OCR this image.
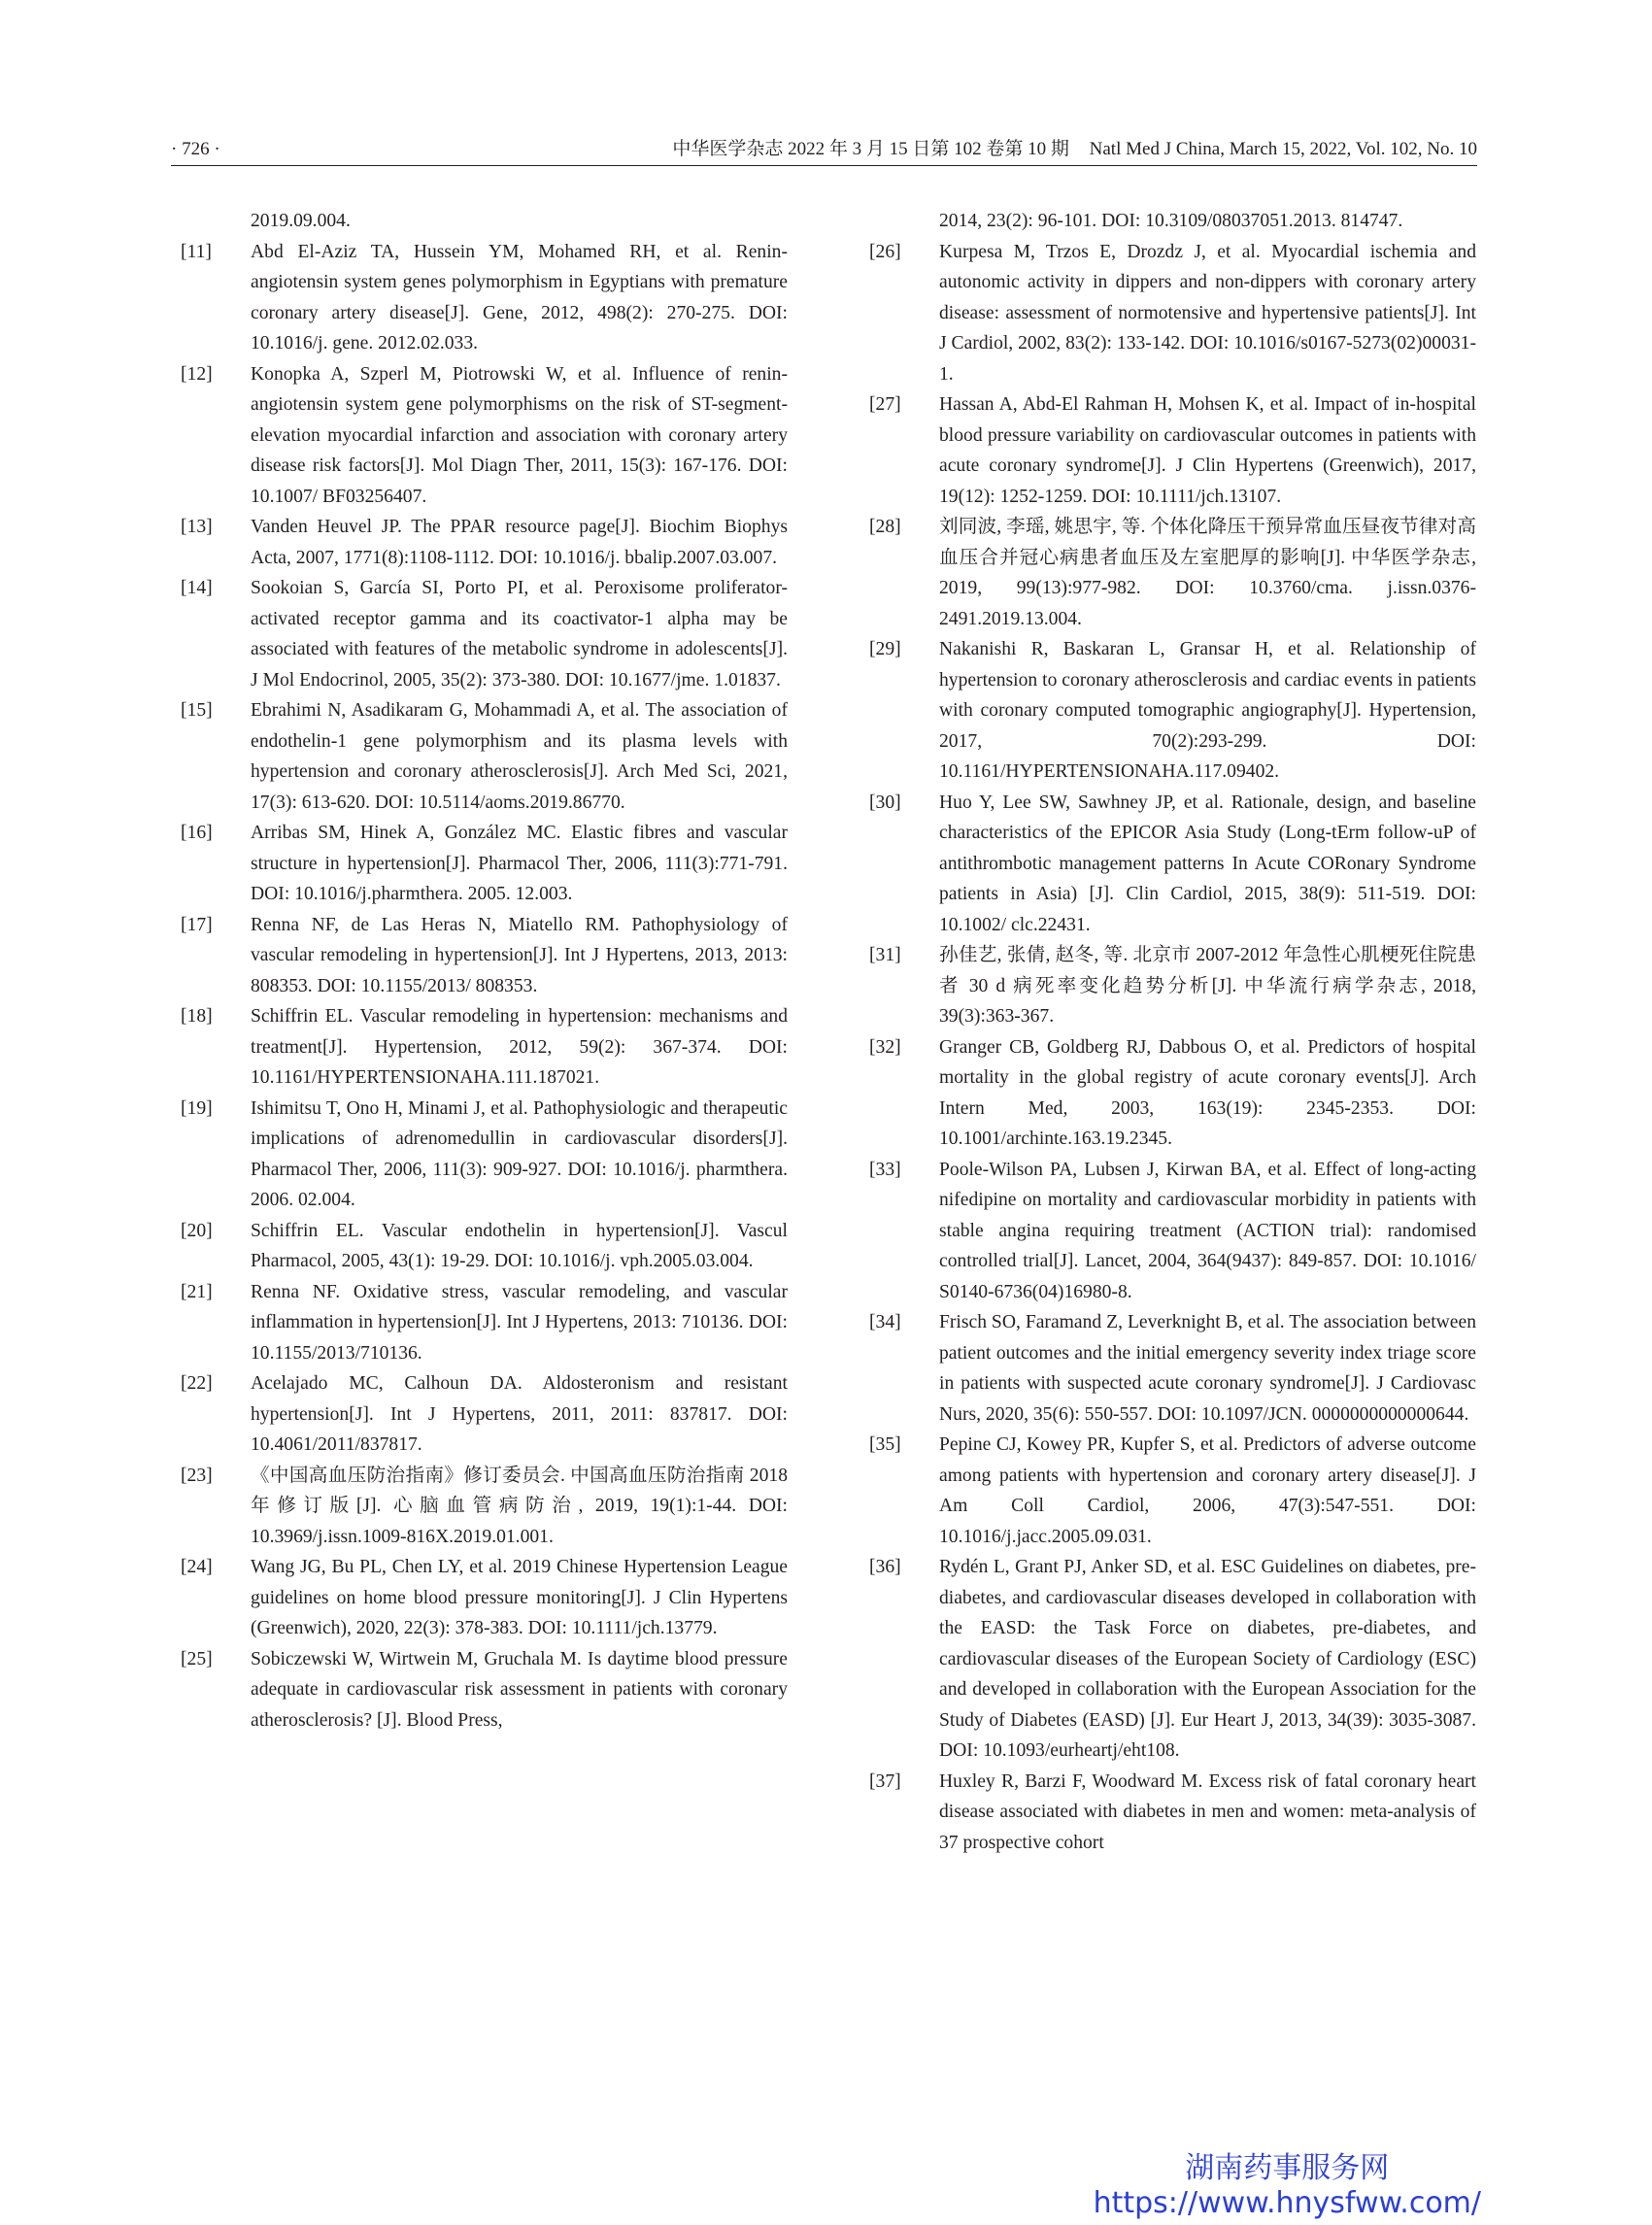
· 726 ·	中华医学杂志 2022 年 3 月 15 日第 102 卷第 10 期 Natl Med J China, March 15, 2022, Vol. 102, No. 10
2019.09.004.
[11]	Abd El-Aziz TA, Hussein YM, Mohamed RH, et al. Renin-angiotensin system genes polymorphism in Egyptians with premature coronary artery disease[J]. Gene, 2012, 498(2): 270-275. DOI: 10.1016/j. gene. 2012.02.033.
[12]	Konopka A, Szperl M, Piotrowski W, et al. Influence of renin-angiotensin system gene polymorphisms on the risk of ST-segment-elevation myocardial infarction and association with coronary artery disease risk factors[J]. Mol Diagn Ther, 2011, 15(3): 167-176. DOI: 10.1007/ BF03256407.
[13]	Vanden Heuvel JP. The PPAR resource page[J]. Biochim Biophys Acta, 2007, 1771(8):1108-1112. DOI: 10.1016/j. bbalip.2007.03.007.
[14]	Sookoian S, García SI, Porto PI, et al. Peroxisome proliferator-activated receptor gamma and its coactivator-1 alpha may be associated with features of the metabolic syndrome in adolescents[J]. J Mol Endocrinol, 2005, 35(2): 373-380. DOI: 10.1677/jme. 1.01837.
[15]	Ebrahimi N, Asadikaram G, Mohammadi A, et al. The association of endothelin-1 gene polymorphism and its plasma levels with hypertension and coronary atherosclerosis[J]. Arch Med Sci, 2021, 17(3): 613-620. DOI: 10.5114/aoms.2019.86770.
[16]	Arribas SM, Hinek A, González MC. Elastic fibres and vascular structure in hypertension[J]. Pharmacol Ther, 2006, 111(3):771-791. DOI: 10.1016/j.pharmthera. 2005. 12.003.
[17]	Renna NF, de Las Heras N, Miatello RM. Pathophysiology of vascular remodeling in hypertension[J]. Int J Hypertens, 2013, 2013: 808353. DOI: 10.1155/2013/ 808353.
[18]	Schiffrin EL. Vascular remodeling in hypertension: mechanisms and treatment[J]. Hypertension, 2012, 59(2): 367-374. DOI: 10.1161/HYPERTENSIONAHA.111.187021.
[19]	Ishimitsu T, Ono H, Minami J, et al. Pathophysiologic and therapeutic implications of adrenomedullin in cardiovascular disorders[J]. Pharmacol Ther, 2006, 111(3): 909-927. DOI: 10.1016/j. pharmthera. 2006. 02.004.
[20]	Schiffrin EL. Vascular endothelin in hypertension[J]. Vascul Pharmacol, 2005, 43(1): 19-29. DOI: 10.1016/j. vph.2005.03.004.
[21]	Renna NF. Oxidative stress, vascular remodeling, and vascular inflammation in hypertension[J]. Int J Hypertens, 2013: 710136. DOI: 10.1155/2013/710136.
[22]	Acelajado MC, Calhoun DA. Aldosteronism and resistant hypertension[J]. Int J Hypertens, 2011, 2011: 837817. DOI: 10.4061/2011/837817.
[23]	《中国高血压防治指南》修订委员会. 中国高血压防治指南 2018 年修订版[J]. 心脑血管病防治, 2019, 19(1):1-44. DOI: 10.3969/j.issn.1009-816X.2019.01.001.
[24]	Wang JG, Bu PL, Chen LY, et al. 2019 Chinese Hypertension League guidelines on home blood pressure monitoring[J]. J Clin Hypertens (Greenwich), 2020, 22(3): 378-383. DOI: 10.1111/jch.13779.
[25]	Sobiczewski W, Wirtwein M, Gruchala M. Is daytime blood pressure adequate in cardiovascular risk assessment in patients with coronary atherosclerosis? [J]. Blood Press,
2014, 23(2): 96-101. DOI: 10.3109/08037051.2013. 814747.
[26]	Kurpesa M, Trzos E, Drozdz J, et al. Myocardial ischemia and autonomic activity in dippers and non-dippers with coronary artery disease: assessment of normotensive and hypertensive patients[J]. Int J Cardiol, 2002, 83(2): 133-142. DOI: 10.1016/s0167-5273(02)00031-1.
[27]	Hassan A, Abd-El Rahman H, Mohsen K, et al. Impact of in-hospital blood pressure variability on cardiovascular outcomes in patients with acute coronary syndrome[J]. J Clin Hypertens (Greenwich), 2017, 19(12): 1252-1259. DOI: 10.1111/jch.13107.
[28]	刘同波, 李瑶, 姚思宇, 等. 个体化降压干预异常血压昼夜节律对高血压合并冠心病患者血压及左室肥厚的影响[J]. 中华医学杂志, 2019, 99(13):977-982. DOI: 10.3760/cma. j.issn.0376-2491.2019.13.004.
[29]	Nakanishi R, Baskaran L, Gransar H, et al. Relationship of hypertension to coronary atherosclerosis and cardiac events in patients with coronary computed tomographic angiography[J]. Hypertension, 2017, 70(2):293-299. DOI: 10.1161/HYPERTENSIONAHA.117.09402.
[30]	Huo Y, Lee SW, Sawhney JP, et al. Rationale, design, and baseline characteristics of the EPICOR Asia Study (Long-tErm follow-uP of antithrombotic management patterns In Acute CORonary Syndrome patients in Asia) [J]. Clin Cardiol, 2015, 38(9): 511-519. DOI: 10.1002/ clc.22431.
[31]	孙佳艺, 张倩, 赵冬, 等. 北京市 2007-2012 年急性心肌梗死住院患者 30 d 病死率变化趋势分析[J]. 中华流行病学杂志, 2018, 39(3):363-367.
[32]	Granger CB, Goldberg RJ, Dabbous O, et al. Predictors of hospital mortality in the global registry of acute coronary events[J]. Arch Intern Med, 2003, 163(19): 2345-2353. DOI: 10.1001/archinte.163.19.2345.
[33]	Poole-Wilson PA, Lubsen J, Kirwan BA, et al. Effect of long-acting nifedipine on mortality and cardiovascular morbidity in patients with stable angina requiring treatment (ACTION trial): randomised controlled trial[J]. Lancet, 2004, 364(9437): 849-857. DOI: 10.1016/ S0140-6736(04)16980-8.
[34]	Frisch SO, Faramand Z, Leverknight B, et al. The association between patient outcomes and the initial emergency severity index triage score in patients with suspected acute coronary syndrome[J]. J Cardiovasc Nurs, 2020, 35(6): 550-557. DOI: 10.1097/JCN. 0000000000000644.
[35]	Pepine CJ, Kowey PR, Kupfer S, et al. Predictors of adverse outcome among patients with hypertension and coronary artery disease[J]. J Am Coll Cardiol, 2006, 47(3):547-551. DOI: 10.1016/j.jacc.2005.09.031.
[36]	Rydén L, Grant PJ, Anker SD, et al. ESC Guidelines on diabetes, pre-diabetes, and cardiovascular diseases developed in collaboration with the EASD: the Task Force on diabetes, pre-diabetes, and cardiovascular diseases of the European Society of Cardiology (ESC) and developed in collaboration with the European Association for the Study of Diabetes (EASD) [J]. Eur Heart J, 2013, 34(39): 3035-3087. DOI: 10.1093/eurheartj/eht108.
[37]	Huxley R, Barzi F, Woodward M. Excess risk of fatal coronary heart disease associated with diabetes in men and women: meta-analysis of 37 prospective cohort
湖南药事服务网
https://www.hnysfww.com/
